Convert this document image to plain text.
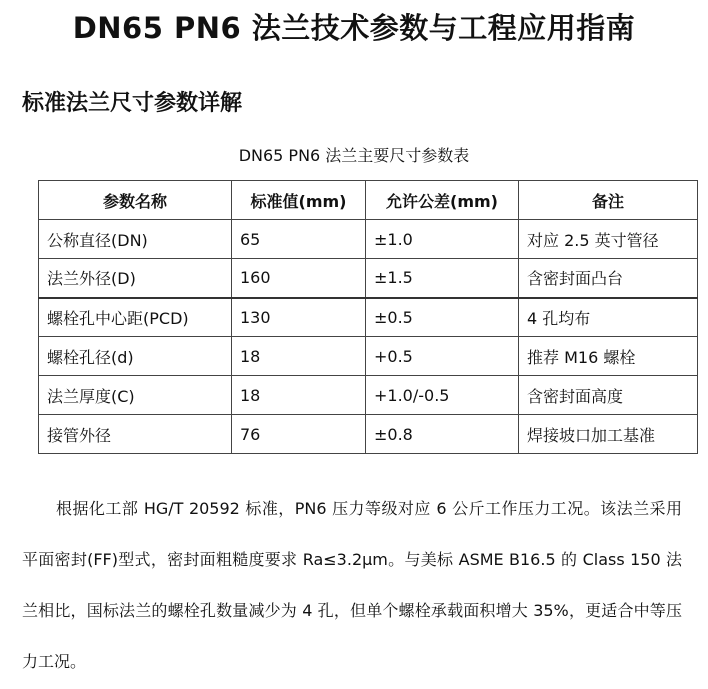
DN65 PN6 法兰技术参数与工程应用指南
标准法兰尺寸参数详解
DN65 PN6 法兰主要尺寸参数表
参数名称	标准值(mm)	允许公差(mm)	备注
公称直径(DN)	65	±1.0	对应 2.5 英寸管径
法兰外径(D)	160	±1.5	含密封面凸台
螺栓孔中心距(PCD)	130	±0.5	4 孔均布
螺栓孔径(d)	18	+0.5	推荐 M16 螺栓
法兰厚度(C)	18	+1.0/-0.5	含密封面高度
接管外径	76	±0.8	焊接坡口加工基准

根据化工部 HG/T 20592 标准，PN6 压力等级对应 6 公斤工作压力工况。该法兰采用平面密封(FF)型式，密封面粗糙度要求 Ra≤3.2μm。与美标 ASME B16.5 的 Class 150 法兰相比，国标法兰的螺栓孔数量减少为 4 孔，但单个螺栓承载面积增大 35%，更适合中等压力工况。
